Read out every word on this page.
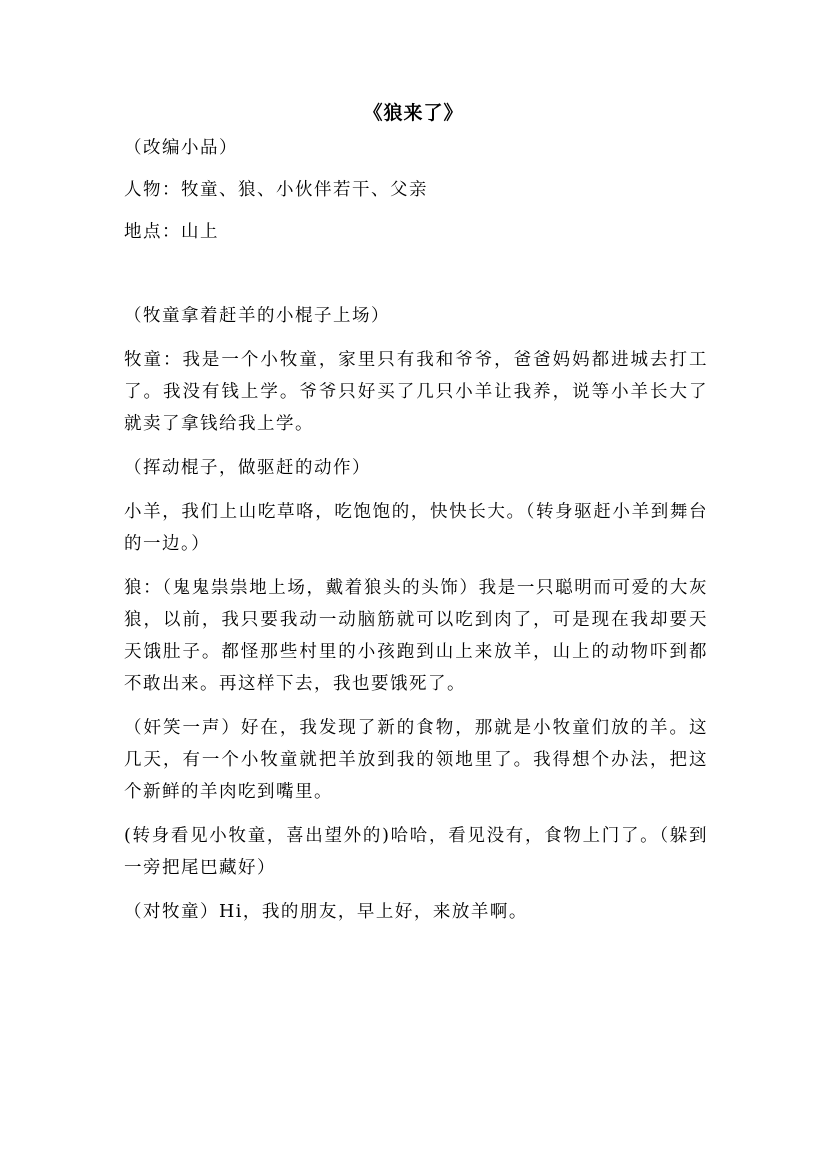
《狼来了》

（改编小品）

人物：牧童、狼、小伙伴若干、父亲

地点：山上

（牧童拿着赶羊的小棍子上场）

牧童：我是一个小牧童，家里只有我和爷爷，爸爸妈妈都进城去打工了。我没有钱上学。爷爷只好买了几只小羊让我养，说等小羊长大了就卖了拿钱给我上学。

（挥动棍子，做驱赶的动作）

小羊，我们上山吃草咯，吃饱饱的，快快长大。（转身驱赶小羊到舞台的一边。）

狼：（鬼鬼祟祟地上场，戴着狼头的头饰）我是一只聪明而可爱的大灰狼，以前，我只要我动一动脑筋就可以吃到肉了，可是现在我却要天天饿肚子。都怪那些村里的小孩跑到山上来放羊，山上的动物吓到都不敢出来。再这样下去，我也要饿死了。

（奸笑一声）好在，我发现了新的食物，那就是小牧童们放的羊。这几天，有一个小牧童就把羊放到我的领地里了。我得想个办法，把这个新鲜的羊肉吃到嘴里。

(转身看见小牧童，喜出望外的)哈哈，看见没有，食物上门了。（躲到一旁把尾巴藏好）

（对牧童）Hi，我的朋友，早上好，来放羊啊。
